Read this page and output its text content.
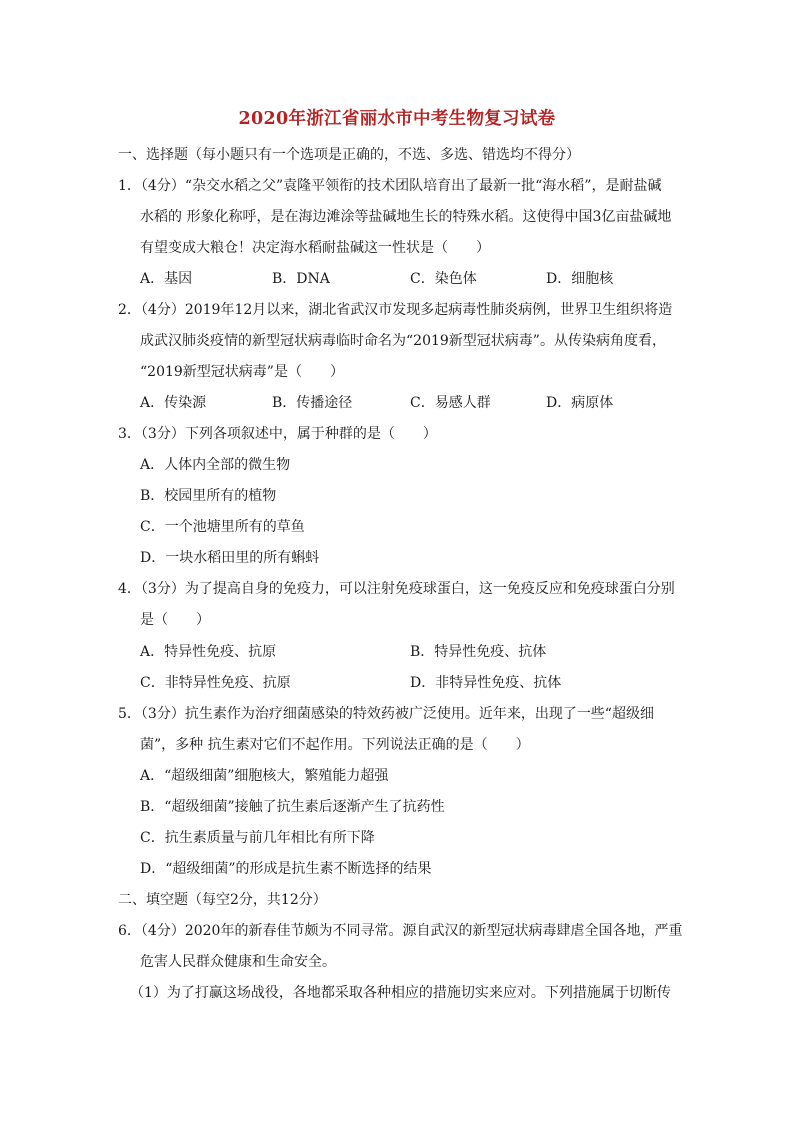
2020年浙江省丽水市中考生物复习试卷
一、选择题（每小题只有一个选项是正确的，不选、多选、错选均不得分）
1．（4分）“杂交水稻之父”袁隆平领衔的技术团队培育出了最新一批“海水稻”，是耐盐碱
水稻的 形象化称呼，是在海边滩涂等盐碱地生长的特殊水稻。这使得中国3亿亩盐碱地
有望变成大粮仓！决定海水稻耐盐碱这一性状是（　　）
A．基因	B．DNA	C．染色体	D．细胞核
2．（4分）2019年12月以来，湖北省武汉市发现多起病毒性肺炎病例，世界卫生组织将造
成武汉肺炎疫情的新型冠状病毒临时命名为“2019新型冠状病毒”。从传染病角度看，
“2019新型冠状病毒”是（　　）
A．传染源	B．传播途径	C．易感人群	D．病原体
3．（3分）下列各项叙述中，属于种群的是（　　）
A．人体内全部的微生物
B．校园里所有的植物
C．一个池塘里所有的草鱼
D．一块水稻田里的所有蝌蚪
4．（3分）为了提高自身的免疫力，可以注射免疫球蛋白，这一免疫反应和免疫球蛋白分别
是（　　）
A．特异性免疫、抗原	B．特异性免疫、抗体
C．非特异性免疫、抗原	D．非特异性免疫、抗体
5．（3分）抗生素作为治疗细菌感染的特效药被广泛使用。近年来，出现了一些“超级细
菌”，多种 抗生素对它们不起作用。下列说法正确的是（　　）
A．“超级细菌”细胞核大，繁殖能力超强
B．“超级细菌”接触了抗生素后逐渐产生了抗药性
C．抗生素质量与前几年相比有所下降
D．“超级细菌”的形成是抗生素不断选择的结果
二、填空题（每空2分，共12分）
6．（4分）2020年的新春佳节颇为不同寻常。源自武汉的新型冠状病毒肆虐全国各地，严重
危害人民群众健康和生命安全。
（1）为了打赢这场战役，各地都采取各种相应的措施切实来应对。下列措施属于切断传
